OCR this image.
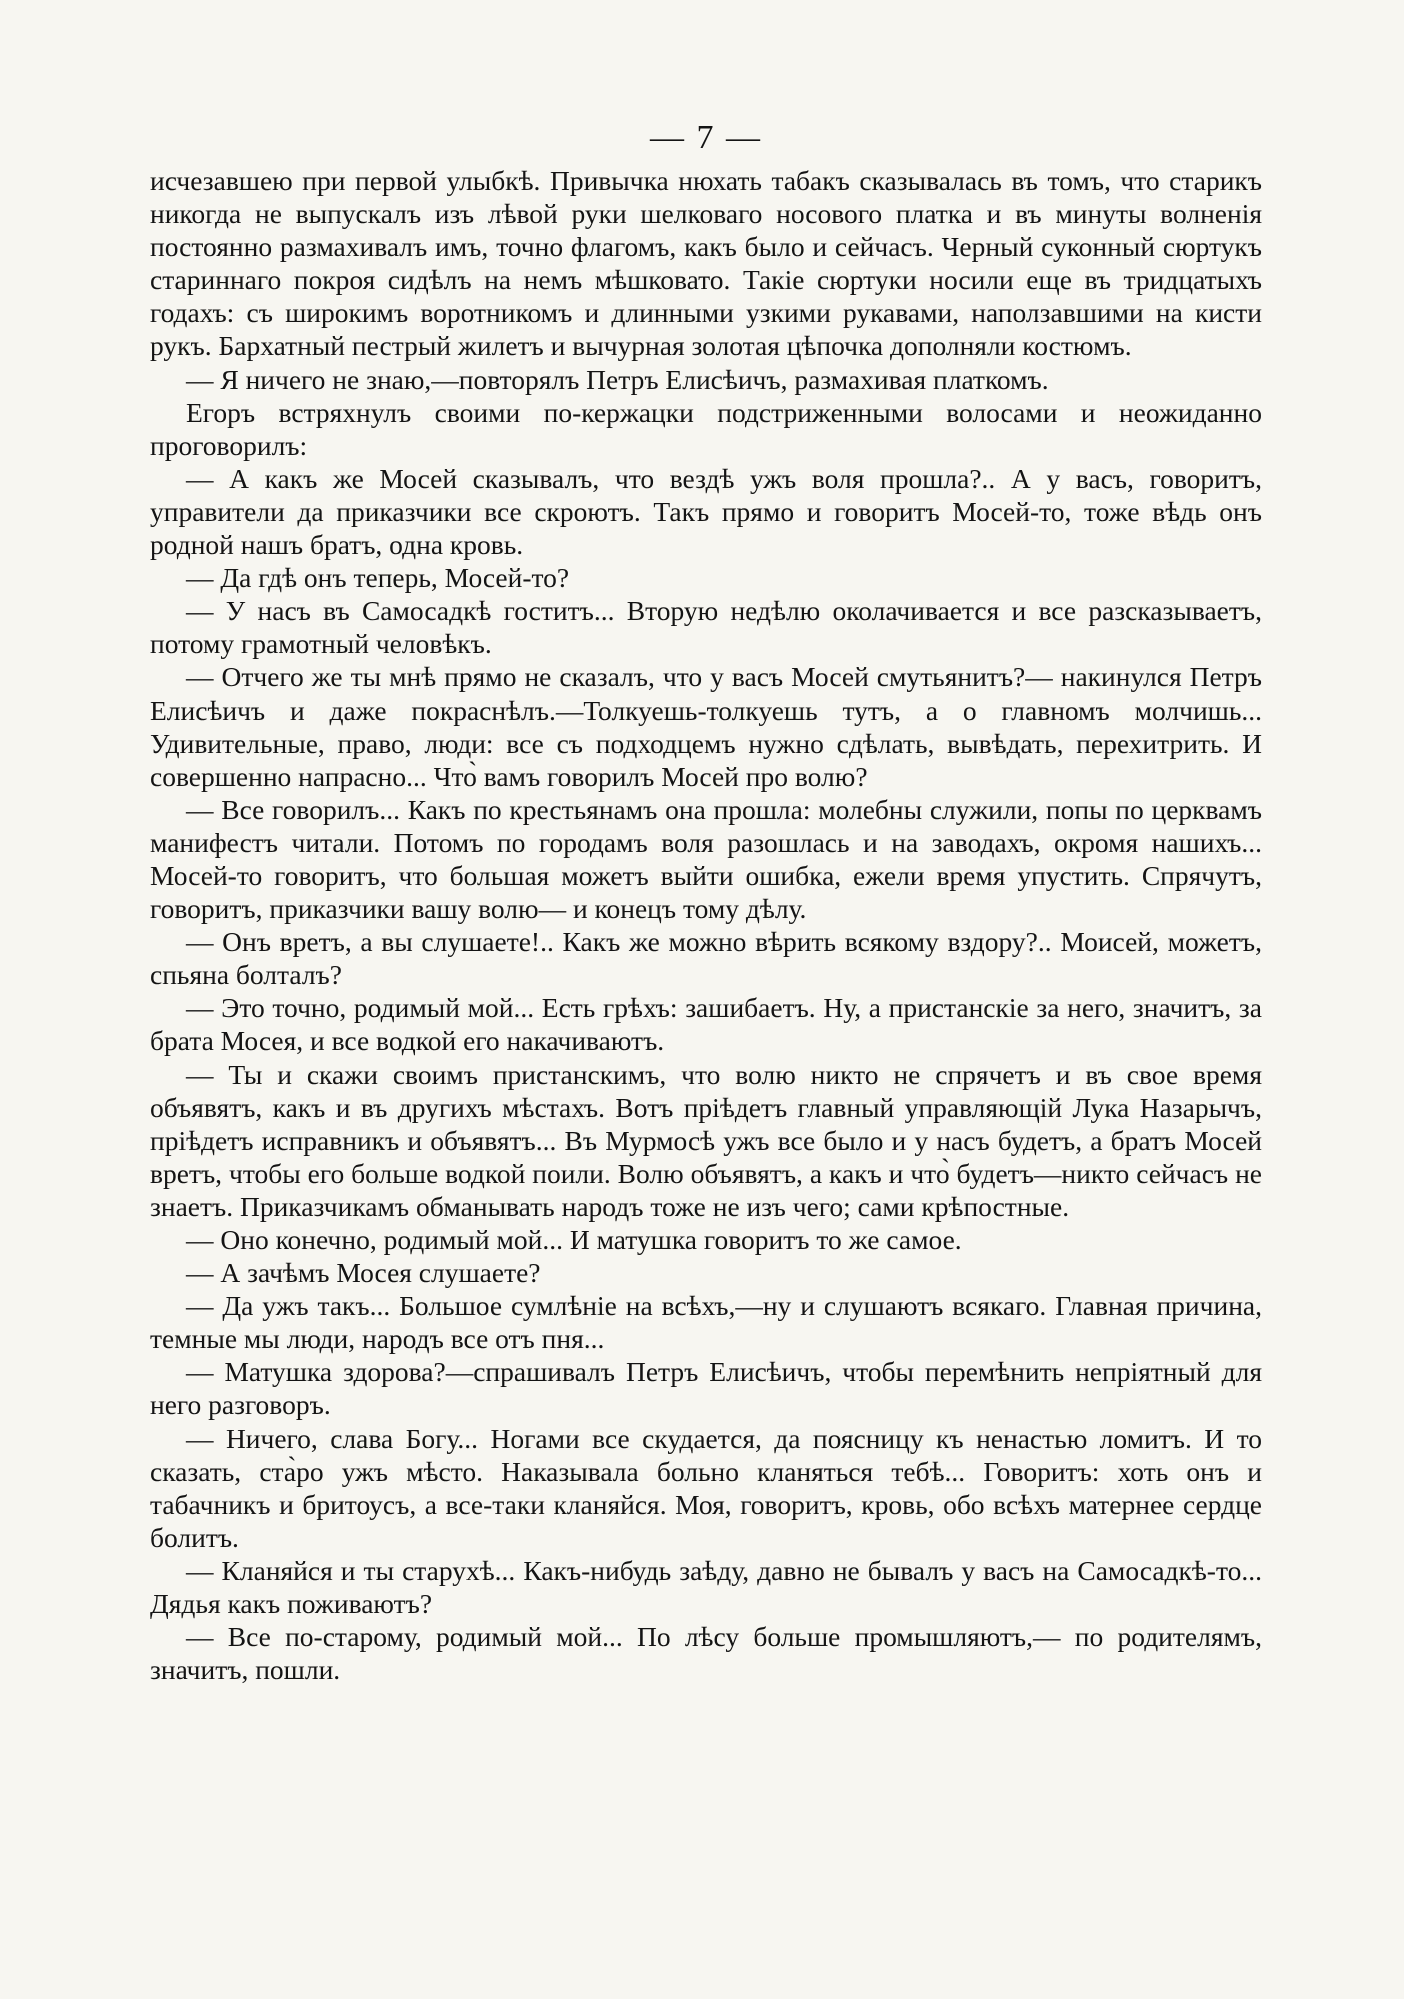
— 7 —

исчезавшею при первой улыбкѣ. Привычка нюхать табакъ сказывалась въ томъ, что старикъ никогда не выпускалъ изъ лѣвой руки шелковаго носового платка и въ минуты волненія постоянно размахивалъ имъ, точно флагомъ, какъ было и сейчасъ. Черный суконный сюртукъ стариннаго покроя сидѣлъ на немъ мѣшковато. Такіе сюртуки носили еще въ тридцатыхъ годахъ: съ широкимъ воротникомъ и длинными узкими рукавами, наползавшими на кисти рукъ. Бархатный пестрый жилетъ и вычурная золотая цѣпочка дополняли костюмъ.

— Я ничего не знаю,—повторялъ Петръ Елисѣичъ, размахивая платкомъ.

Егоръ встряхнулъ своими по-кержацки подстриженными волосами и неожиданно проговорилъ:

— А какъ же Мосей сказывалъ, что вездѣ ужъ воля прошла?.. А у васъ, говоритъ, управители да приказчики все скроютъ. Такъ прямо и говоритъ Мосей-то, тоже вѣдь онъ родной нашъ братъ, одна кровь.

— Да гдѣ онъ теперь, Мосей-то?

— У насъ въ Самосадкѣ гоститъ... Вторую недѣлю околачивается и все разсказываетъ, потому грамотный человѣкъ.

— Отчего же ты мнѣ прямо не сказалъ, что у васъ Мосей смутьянитъ?— накинулся Петръ Елисѣичъ и даже покраснѣлъ.—Толкуешь-толкуешь тутъ, а о главномъ молчишь... Удивительные, право, люди: все съ подходцемъ нужно сдѣлать, вывѣдать, перехитрить. И совершенно напрасно... Что̀ вамъ говорилъ Мосей про волю?

— Все говорилъ... Какъ по крестьянамъ она прошла: молебны служили, попы по церквамъ манифестъ читали. Потомъ по городамъ воля разошлась и на заводахъ, окромя нашихъ... Мосей-то говоритъ, что большая можетъ выйти ошибка, ежели время упустить. Спрячутъ, говоритъ, приказчики вашу волю— и конецъ тому дѣлу.

— Онъ вретъ, а вы слушаете!.. Какъ же можно вѣрить всякому вздору?.. Моисей, можетъ, спьяна болталъ?

— Это точно, родимый мой... Есть грѣхъ: зашибаетъ. Ну, а пристанскіе за него, значитъ, за брата Мосея, и все водкой его накачиваютъ.

— Ты и скажи своимъ пристанскимъ, что волю никто не спрячетъ и въ свое время объявятъ, какъ и въ другихъ мѣстахъ. Вотъ пріѣдетъ главный управляющій Лука Назарычъ, пріѣдетъ исправникъ и объявятъ... Въ Мурмосѣ ужъ все было и у насъ будетъ, а братъ Мосей вретъ, чтобы его больше водкой поили. Волю объявятъ, а какъ и что̀ будетъ—никто сейчасъ не знаетъ. Приказчикамъ обманывать народъ тоже не изъ чего; сами крѣпостные.

— Оно конечно, родимый мой... И матушка говоритъ то же самое.

— А зачѣмъ Мосея слушаете?

— Да ужъ такъ... Большое сумлѣніе на всѣхъ,—ну и слушаютъ всякаго. Главная причина, темные мы люди, народъ все отъ пня...

— Матушка здорова?—спрашивалъ Петръ Елисѣичъ, чтобы перемѣнить непріятный для него разговоръ.

— Ничего, слава Богу... Ногами все скудается, да поясницу къ ненастью ломитъ. И то сказать, ста̀ро ужъ мѣсто. Наказывала больно кланяться тебѣ... Говоритъ: хоть онъ и табачникъ и бритоусъ, а все-таки кланяйся. Моя, говоритъ, кровь, обо всѣхъ матернее сердце болитъ.

— Кланяйся и ты старухѣ... Какъ-нибудь заѣду, давно не бывалъ у васъ на Самосадкѣ-то... Дядья какъ поживаютъ?

— Все по-старому, родимый мой... По лѣсу больше промышляютъ,— по родителямъ, значитъ, пошли.
